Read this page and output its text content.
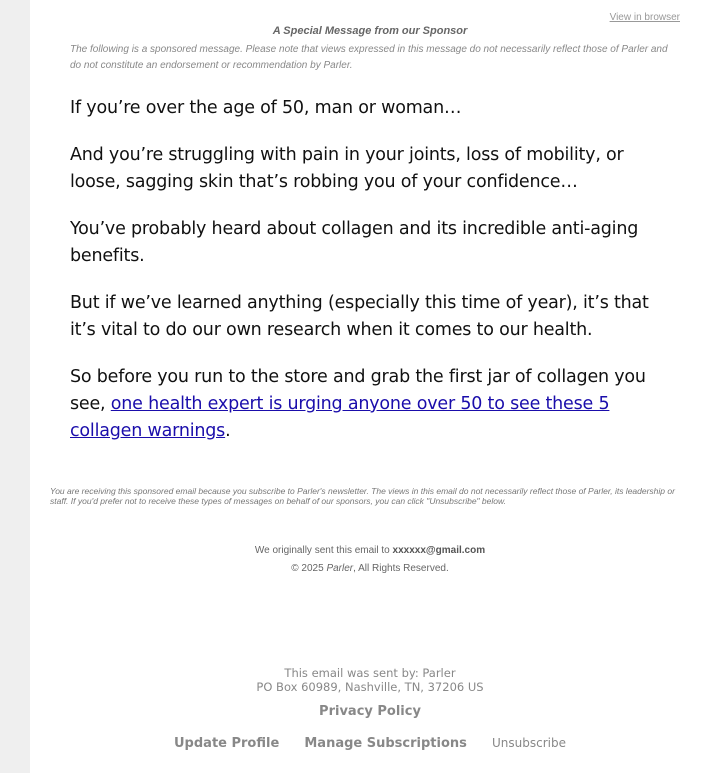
View in browser
A Special Message from our Sponsor
The following is a sponsored message. Please note that views expressed in this message do not necessarily reflect those of Parler and do not constitute an endorsement or recommendation by Parler.

If you’re over the age of 50, man or woman…

And you’re struggling with pain in your joints, loss of mobility, or loose, sagging skin that’s robbing you of your confidence…

You’ve probably heard about collagen and its incredible anti-aging benefits.

But if we’ve learned anything (especially this time of year), it’s that it’s vital to do our own research when it comes to our health.

So before you run to the store and grab the first jar of collagen you see, one health expert is urging anyone over 50 to see these 5 collagen warnings.

You are receiving this sponsored email because you subscribe to Parler's newsletter. The views in this email do not necessarily reflect those of Parler, its leadership or staff. If you'd prefer not to receive these types of messages on behalf of our sponsors, you can click "Unsubscribe" below.
We originally sent this email to xxxxxx@gmail.com
© 2025 Parler, All Rights Reserved.
This email was sent by: Parler
PO Box 60989, Nashville, TN, 37206 US
Privacy Policy
Update Profile Manage Subscriptions Unsubscribe
